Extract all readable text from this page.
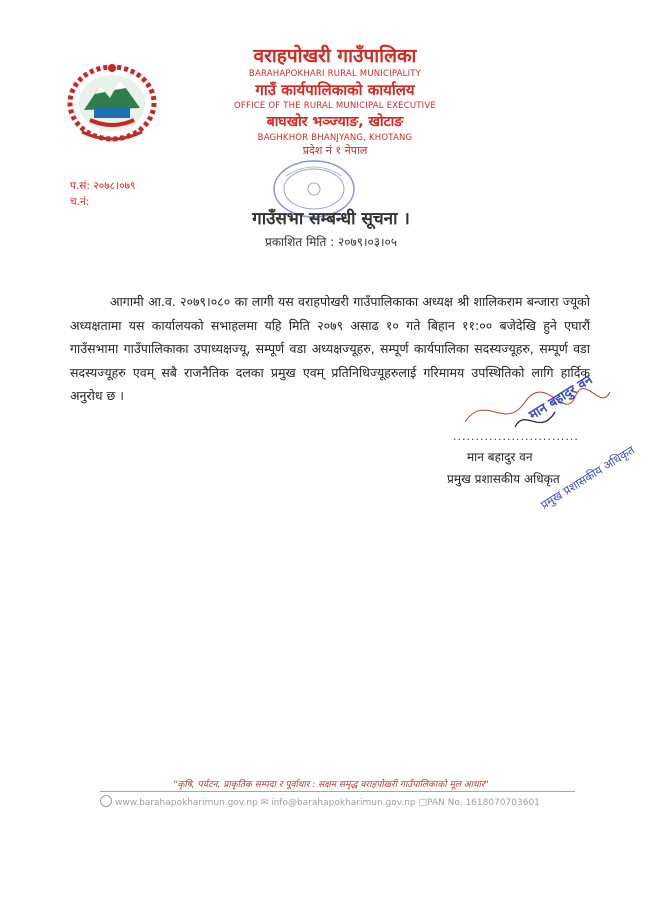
वराहपोखरी गाउँपालिका
BARAHAPOKHARI RURAL MUNICIPALITY
गाउँ कार्यपालिकाको कार्यालय
OFFICE OF THE RURAL MUNICIPAL EXECUTIVE
बाघखोर भञ्ज्याङ, खोटाङ
BAGHKHOR BHANJYANG, KHOTANG
प्रदेश नं १ नेपाल
प.सं: २०७८।०७९
च.नं:
गाउँसभा सम्बन्धी सूचना ।
प्रकाशित मिति : २०७९।०३।०५
आगामी आ.व. २०७९।०८० का लागी यस वराहपोखरी गाउँपालिकाका अध्यक्ष श्री शालिकराम बन्जारा ज्यूको अध्यक्षतामा यस कार्यालयको सभाहलमा यहि मिति २०७९ असाढ १० गते बिहान ११:०० बजेदेखि हुने एघारौं गाउँसभामा गाउँपालिकाका उपाध्यक्षज्यू, सम्पूर्ण वडा अध्यक्षज्यूहरु, सम्पूर्ण कार्यपालिका सदस्यज्यूहरु, सम्पूर्ण वडा सदस्यज्यूहरु एवम् सबै राजनैतिक दलका प्रमुख एवम् प्रतिनिधिज्यूहरुलाई गरिमामय उपस्थितिको लागि हार्दिक अनुरोध छ ।
............................
मान बहादुर वन
प्रमुख प्रशासकीय अधिकृत
मान बहादुर वन
प्रमुख प्रशासकीय अधिकृत
"कृषि, पर्यटन, प्राकृतिक सम्पदा र पूर्वाधार : सक्षम समृद्ध वराहपोखरी गाउँपालिकाको मूल आधार"
www.barahapokharimun.gov.np ✉ info@barahapokharimun.gov.np □PAN No. 1618070703601
